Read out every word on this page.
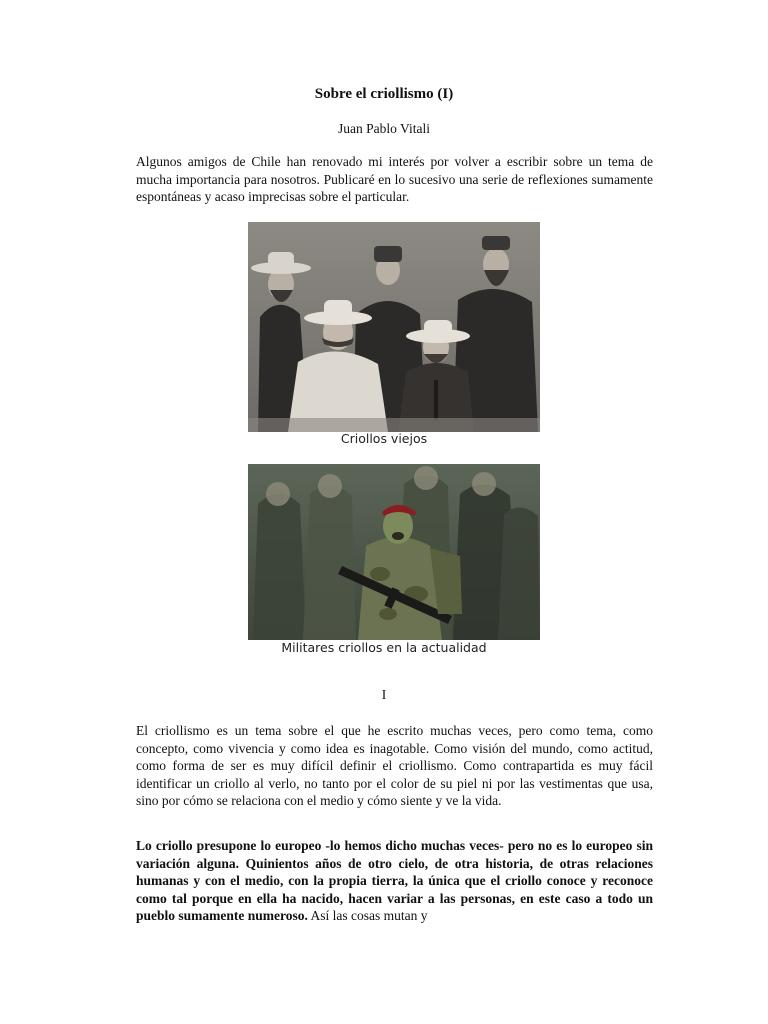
Sobre el criollismo (I)
Juan Pablo Vitali
Algunos amigos de Chile han renovado mi interés por volver a escribir sobre un tema de mucha importancia para nosotros. Publicaré en lo sucesivo una serie de reflexiones sumamente espontáneas y acaso imprecisas sobre el particular.
Criollos viejos
Militares criollos en la actualidad
I
El criollismo es un tema sobre el que he escrito muchas veces, pero como tema, como concepto, como vivencia y como idea es inagotable. Como visión del mundo, como actitud, como forma de ser es muy difícil definir el criollismo. Como contrapartida es muy fácil identificar un criollo al verlo, no tanto por el color de su piel ni por las vestimentas que usa, sino por cómo se relaciona con el medio y cómo siente y ve la vida.
Lo criollo presupone lo europeo -lo hemos dicho muchas veces- pero no es lo europeo sin variación alguna. Quinientos años de otro cielo, de otra historia, de otras relaciones humanas y con el medio, con la propia tierra, la única que el criollo conoce y reconoce como tal porque en ella ha nacido, hacen variar a las personas, en este caso a todo un pueblo sumamente numeroso. Así las cosas mutan y
